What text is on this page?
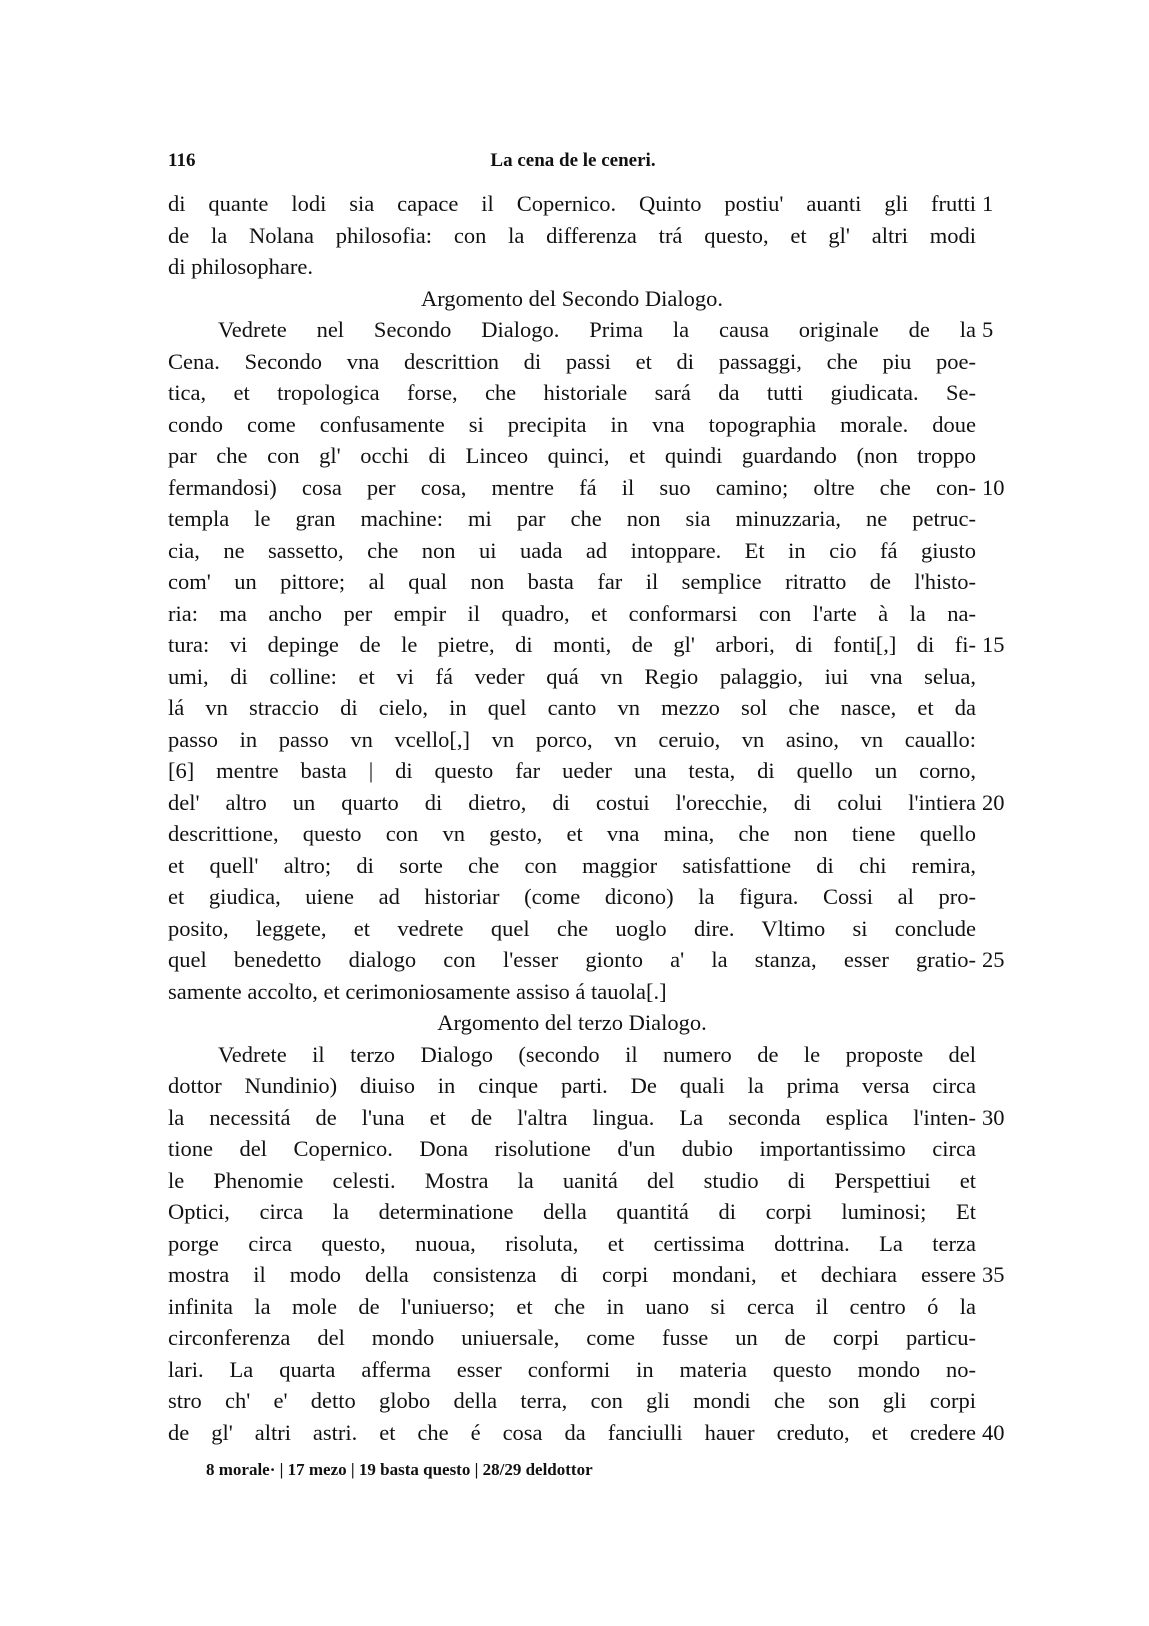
116	La cena de le ceneri.
di quante lodi sia capace il Copernico. Quinto postiu' auanti gli frutti 1
de la Nolana philosofia: con la differenza trá questo, et gl' altri modi
di philosophare.
Argomento del Secondo Dialogo.
Vedrete nel Secondo Dialogo. Prima la causa originale de la 5
Cena. Secondo vna descrittion di passi et di passaggi, che piu poe-
tica, et tropologica forse, che historiale sará da tutti giudicata. Se-
condo come confusamente si precipita in vna topographia morale. doue
par che con gl' occhi di Linceo quinci, et quindi guardando (non troppo
fermandosi) cosa per cosa, mentre fá il suo camino; oltre che con- 10
templa le gran machine: mi par che non sia minuzzaria, ne petruc-
cia, ne sassetto, che non ui uada ad intoppare. Et in cio fá giusto
com' un pittore; al qual non basta far il semplice ritratto de l'histo-
ria: ma ancho per empir il quadro, et conformarsi con l'arte à la na-
tura: vi depinge de le pietre, di monti, de gl' arbori, di fonti[,] di fi- 15
umi, di colline: et vi fá veder quá vn Regio palaggio, iui vna selua,
lá vn straccio di cielo, in quel canto vn mezzo sol che nasce, et da
passo in passo vn vcello[,] vn porco, vn ceruio, vn asino, vn cauallo:
[6] mentre basta | di questo far ueder una testa, di quello un corno,
del' altro un quarto di dietro, di costui l'orecchie, di colui l'intiera 20
descrittione, questo con vn gesto, et vna mina, che non tiene quello
et quell' altro; di sorte che con maggior satisfattione di chi remira,
et giudica, uiene ad historiar (come dicono) la figura. Cossi al pro-
posito, leggete, et vedrete quel che uoglo dire. Vltimo si conclude
quel benedetto dialogo con l'esser gionto a' la stanza, esser gratio- 25
samente accolto, et cerimoniosamente assiso á tauola[.]
Argomento del terzo Dialogo.
Vedrete il terzo Dialogo (secondo il numero de le proposte del
dottor Nundinio) diuiso in cinque parti. De quali la prima versa circa
la necessitá de l'una et de l'altra lingua. La seconda esplica l'inten- 30
tione del Copernico. Dona risolutione d'un dubio importantissimo circa
le Phenomie celesti. Mostra la uanitá del studio di Perspettiui et
Optici, circa la determinatione della quantitá di corpi luminosi; Et
porge circa questo, nuoua, risoluta, et certissima dottrina. La terza
mostra il modo della consistenza di corpi mondani, et dechiara essere 35
infinita la mole de l'uniuerso; et che in uano si cerca il centro ó la
circonferenza del mondo uniuersale, come fusse un de corpi particu-
lari. La quarta afferma esser conformi in materia questo mondo no-
stro ch' e' detto globo della terra, con gli mondi che son gli corpi
de gl' altri astri. et che é cosa da fanciulli hauer creduto, et credere 40
8 morale· | 17 mezo | 19 basta questo | 28/29 deldottor
